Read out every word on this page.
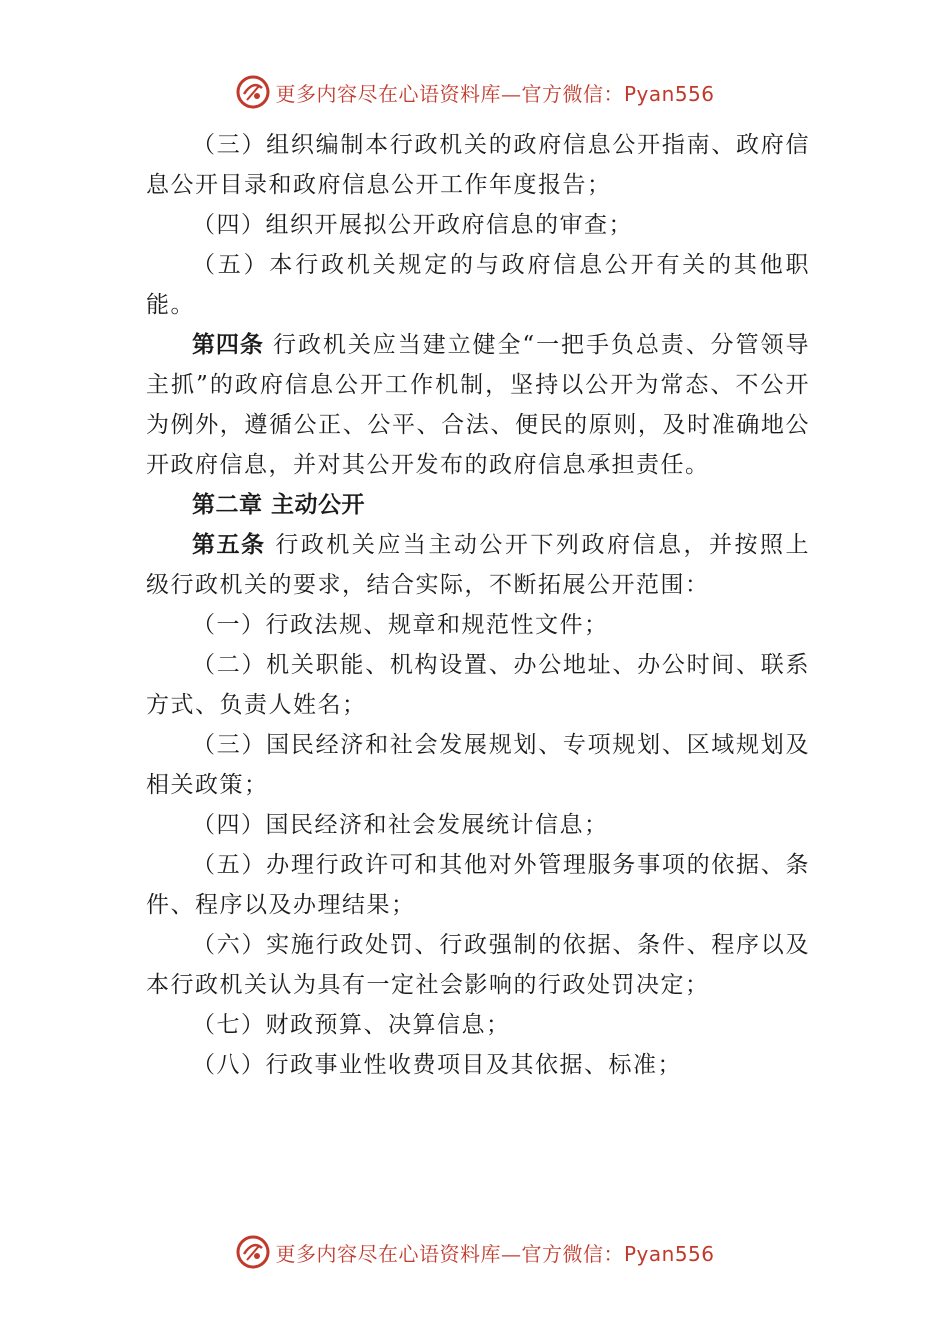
更多内容尽在心语资料库—官方微信：Pyan556

（三）组织编制本行政机关的政府信息公开指南、政府信息公开目录和政府信息公开工作年度报告；

（四）组织开展拟公开政府信息的审查；

（五）本行政机关规定的与政府信息公开有关的其他职能。

第四条 行政机关应当建立健全“一把手负总责、分管领导主抓”的政府信息公开工作机制，坚持以公开为常态、不公开为例外，遵循公正、公平、合法、便民的原则，及时准确地公开政府信息，并对其公开发布的政府信息承担责任。

第二章 主动公开

第五条 行政机关应当主动公开下列政府信息，并按照上级行政机关的要求，结合实际，不断拓展公开范围：

（一）行政法规、规章和规范性文件；

（二）机关职能、机构设置、办公地址、办公时间、联系方式、负责人姓名；

（三）国民经济和社会发展规划、专项规划、区域规划及相关政策；

（四）国民经济和社会发展统计信息；

（五）办理行政许可和其他对外管理服务事项的依据、条件、程序以及办理结果；

（六）实施行政处罚、行政强制的依据、条件、程序以及本行政机关认为具有一定社会影响的行政处罚决定；

（七）财政预算、决算信息；

（八）行政事业性收费项目及其依据、标准；

更多内容尽在心语资料库—官方微信：Pyan556
